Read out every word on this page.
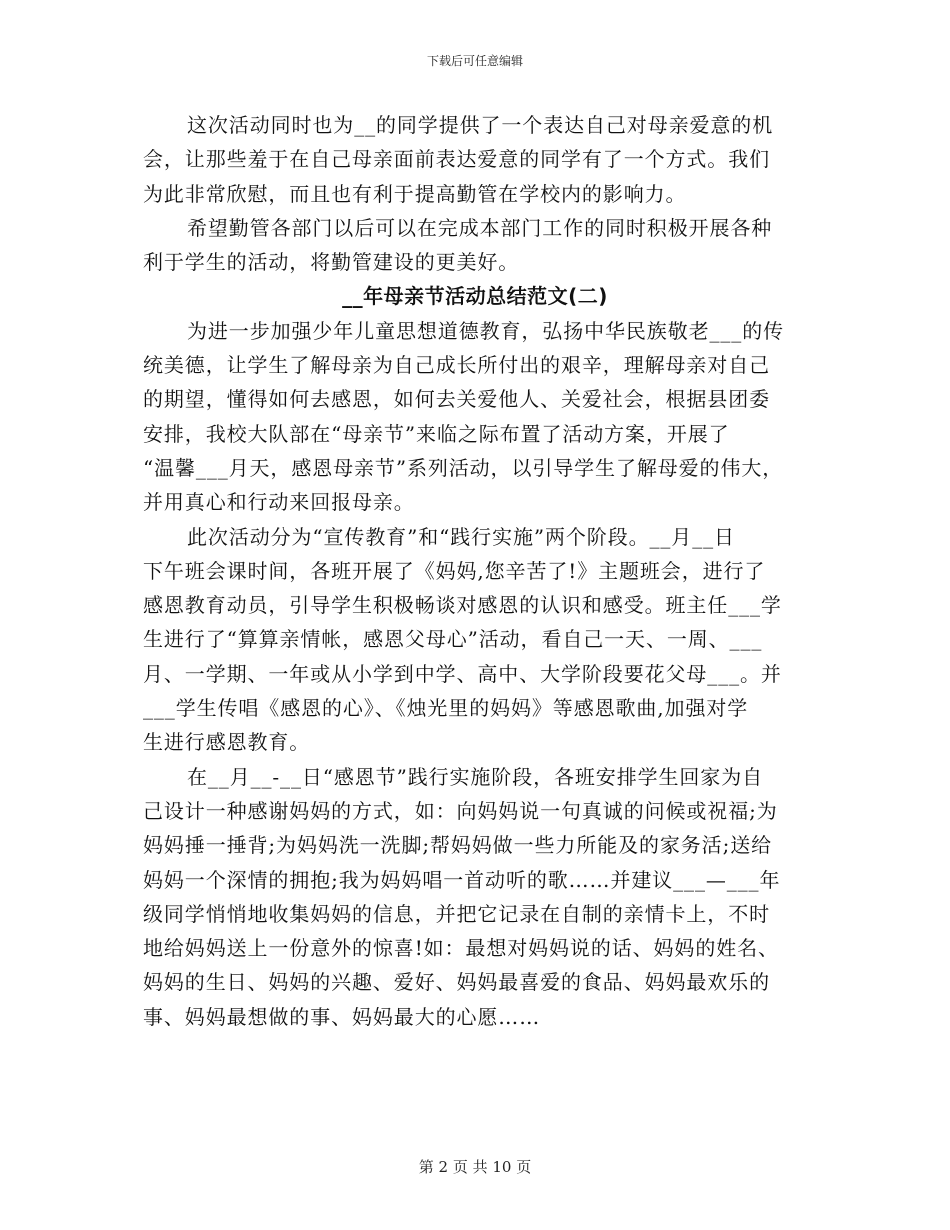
下载后可任意编辑
这次活动同时也为__的同学提供了一个表达自己对母亲爱意的机
会，让那些羞于在自己母亲面前表达爱意的同学有了一个方式。我们
为此非常欣慰，而且也有利于提高勤管在学校内的影响力。
希望勤管各部门以后可以在完成本部门工作的同时积极开展各种
利于学生的活动，将勤管建设的更美好。
__年母亲节活动总结范文(二)
为进一步加强少年儿童思想道德教育，弘扬中华民族敬老___的传
统美德，让学生了解母亲为自己成长所付出的艰辛，理解母亲对自己
的期望，懂得如何去感恩，如何去关爱他人、关爱社会，根据县团委
安排，我校大队部在“母亲节”来临之际布置了活动方案，开展了
“温馨___月天，感恩母亲节”系列活动，以引导学生了解母爱的伟大，
并用真心和行动来回报母亲。
此次活动分为“宣传教育”和“践行实施”两个阶段。__月__日
下午班会课时间，各班开展了《妈妈,您辛苦了!》主题班会，进行了
感恩教育动员，引导学生积极畅谈对感恩的认识和感受。班主任___学
生进行了“算算亲情帐，感恩父母心”活动，看自己一天、一周、___
月、一学期、一年或从小学到中学、高中、大学阶段要花父母___。并
___学生传唱《感恩的心》、《烛光里的妈妈》等感恩歌曲,加强对学
生进行感恩教育。
在__月__-__日“感恩节”践行实施阶段，各班安排学生回家为自
己设计一种感谢妈妈的方式，如：向妈妈说一句真诚的问候或祝福;为
妈妈捶一捶背;为妈妈洗一洗脚;帮妈妈做一些力所能及的家务活;送给
妈妈一个深情的拥抱;我为妈妈唱一首动听的歌……并建议___—___年
级同学悄悄地收集妈妈的信息，并把它记录在自制的亲情卡上，不时
地给妈妈送上一份意外的惊喜!如：最想对妈妈说的话、妈妈的姓名、
妈妈的生日、妈妈的兴趣、爱好、妈妈最喜爱的食品、妈妈最欢乐的
事、妈妈最想做的事、妈妈最大的心愿……
第 2 页 共 10 页
